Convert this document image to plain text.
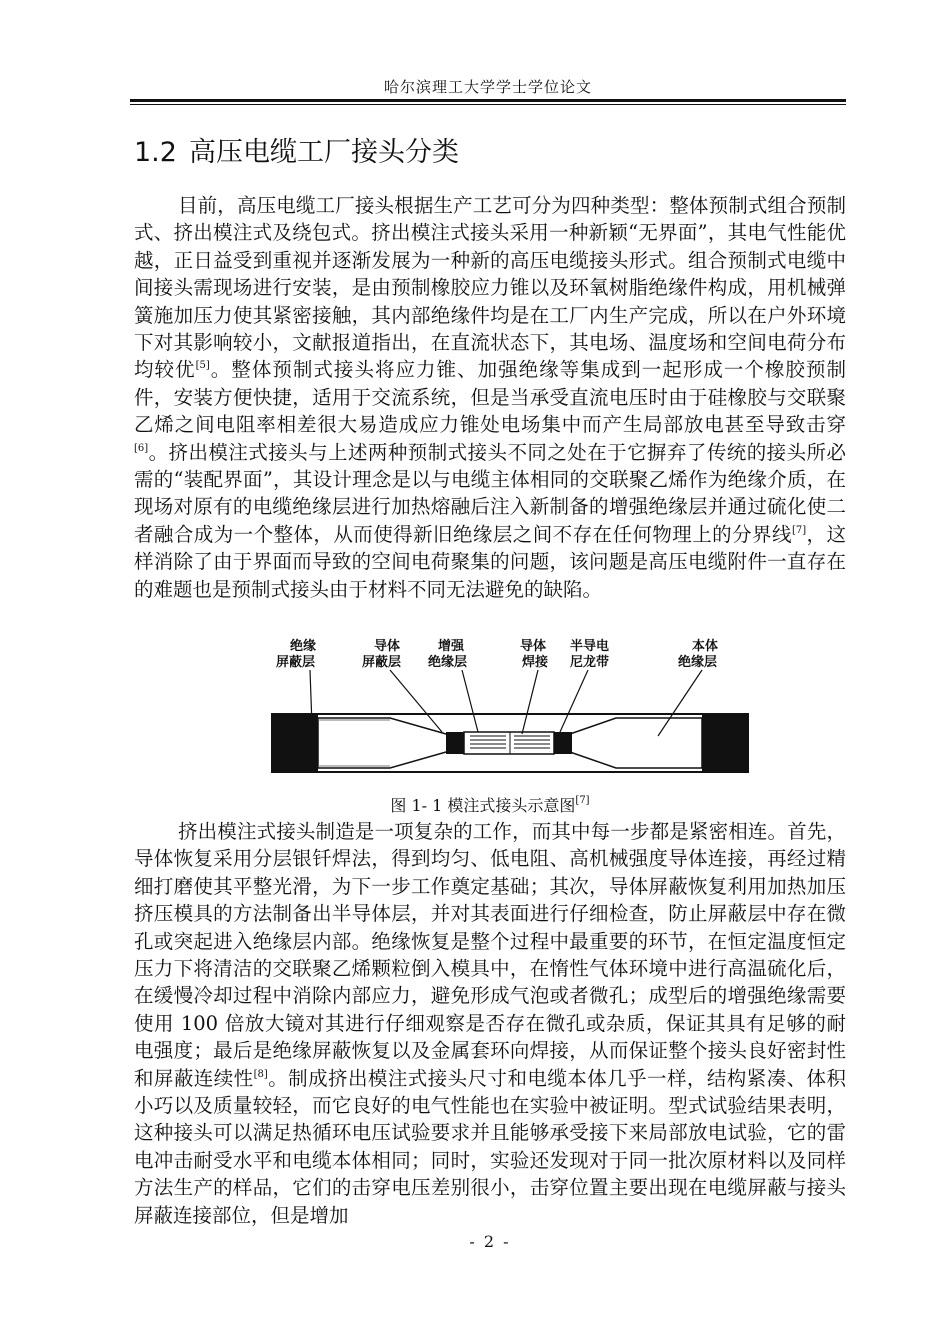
哈尔滨理工大学学士学位论文
1.2 高压电缆工厂接头分类

目前，高压电缆工厂接头根据生产工艺可分为四种类型：整体预制式组合预制式、挤出模注式及绕包式。挤出模注式接头采用一种新颖“无界面”，其电气性能优越，正日益受到重视并逐渐发展为一种新的高压电缆接头形式。组合预制式电缆中间接头需现场进行安装，是由预制橡胶应力锥以及环氧树脂绝缘件构成，用机械弹簧施加压力使其紧密接触，其内部绝缘件均是在工厂内生产完成，所以在户外环境下对其影响较小，文献报道指出，在直流状态下，其电场、温度场和空间电荷分布均较优[5]。整体预制式接头将应力锥、加强绝缘等集成到一起形成一个橡胶预制件，安装方便快捷，适用于交流系统，但是当承受直流电压时由于硅橡胶与交联聚乙烯之间电阻率相差很大易造成应力锥处电场集中而产生局部放电甚至导致击穿[6]。挤出模注式接头与上述两种预制式接头不同之处在于它摒弃了传统的接头所必需的“装配界面”，其设计理念是以与电缆主体相同的交联聚乙烯作为绝缘介质，在现场对原有的电缆绝缘层进行加热熔融后注入新制备的增强绝缘层并通过硫化使二者融合成为一个整体，从而使得新旧绝缘层之间不存在任何物理上的分界线[7]，这样消除了由于界面而导致的空间电荷聚集的问题，该问题是高压电缆附件一直存在的难题也是预制式接头由于材料不同无法避免的缺陷。

绝缘
屏蔽层
导体
屏蔽层
增强
绝缘层
导体
焊接
半导电
尼龙带
本体
绝缘层
图 1- 1 模注式接头示意图[7]

挤出模注式接头制造是一项复杂的工作，而其中每一步都是紧密相连。首先，导体恢复采用分层银钎焊法，得到均匀、低电阻、高机械强度导体连接，再经过精细打磨使其平整光滑，为下一步工作奠定基础；其次，导体屏蔽恢复利用加热加压挤压模具的方法制备出半导体层，并对其表面进行仔细检查，防止屏蔽层中存在微孔或突起进入绝缘层内部。绝缘恢复是整个过程中最重要的环节，在恒定温度恒定压力下将清洁的交联聚乙烯颗粒倒入模具中，在惰性气体环境中进行高温硫化后，在缓慢冷却过程中消除内部应力，避免形成气泡或者微孔；成型后的增强绝缘需要使用 100 倍放大镜对其进行仔细观察是否存在微孔或杂质，保证其具有足够的耐电强度；最后是绝缘屏蔽恢复以及金属套环向焊接，从而保证整个接头良好密封性和屏蔽连续性[8]。制成挤出模注式接头尺寸和电缆本体几乎一样，结构紧凑、体积小巧以及质量较轻，而它良好的电气性能也在实验中被证明。型式试验结果表明，这种接头可以满足热循环电压试验要求并且能够承受接下来局部放电试验，它的雷电冲击耐受水平和电缆本体相同；同时，实验还发现对于同一批次原材料以及同样方法生产的样品，它们的击穿电压差别很小，击穿位置主要出现在电缆屏蔽与接头屏蔽连接部位，但是增加

- 2 -
